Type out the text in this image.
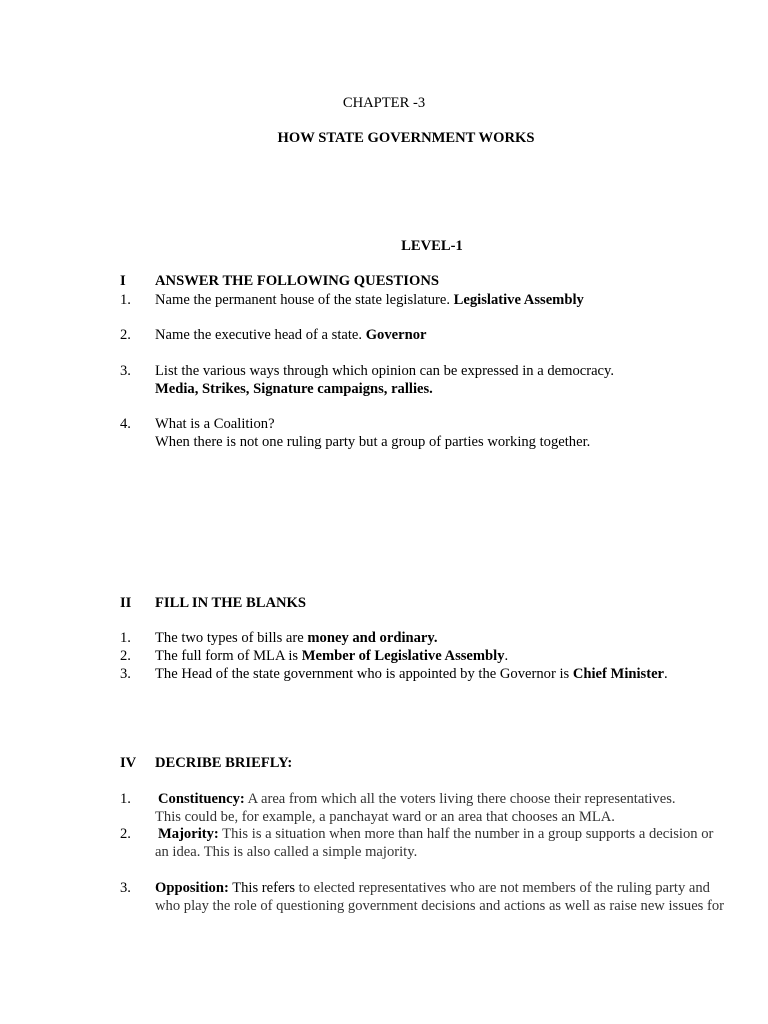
CHAPTER -3
HOW STATE GOVERNMENT WORKS
LEVEL-1
I ANSWER THE FOLLOWING QUESTIONS
1. Name the permanent house of the state legislature. Legislative Assembly
2. Name the executive head of a state. Governor
3. List the various ways through which opinion can be expressed in a democracy.
Media, Strikes, Signature campaigns, rallies.
4. What is a Coalition?
When there is not one ruling party but a group of parties working together.
II FILL IN THE BLANKS
1. The two types of bills are money and ordinary.
2. The full form of MLA is Member of Legislative Assembly.
3. The Head of the state government who is appointed by the Governor is Chief Minister.
IV DECRIBE BRIEFLY:
1. Constituency: A area from which all the voters living there choose their representatives.
This could be, for example, a panchayat ward or an area that chooses an MLA.
2. Majority: This is a situation when more than half the number in a group supports a decision or
an idea. This is also called a simple majority.
3. Opposition: This refers to elected representatives who are not members of the ruling party and
who play the role of questioning government decisions and actions as well as raise new issues for
